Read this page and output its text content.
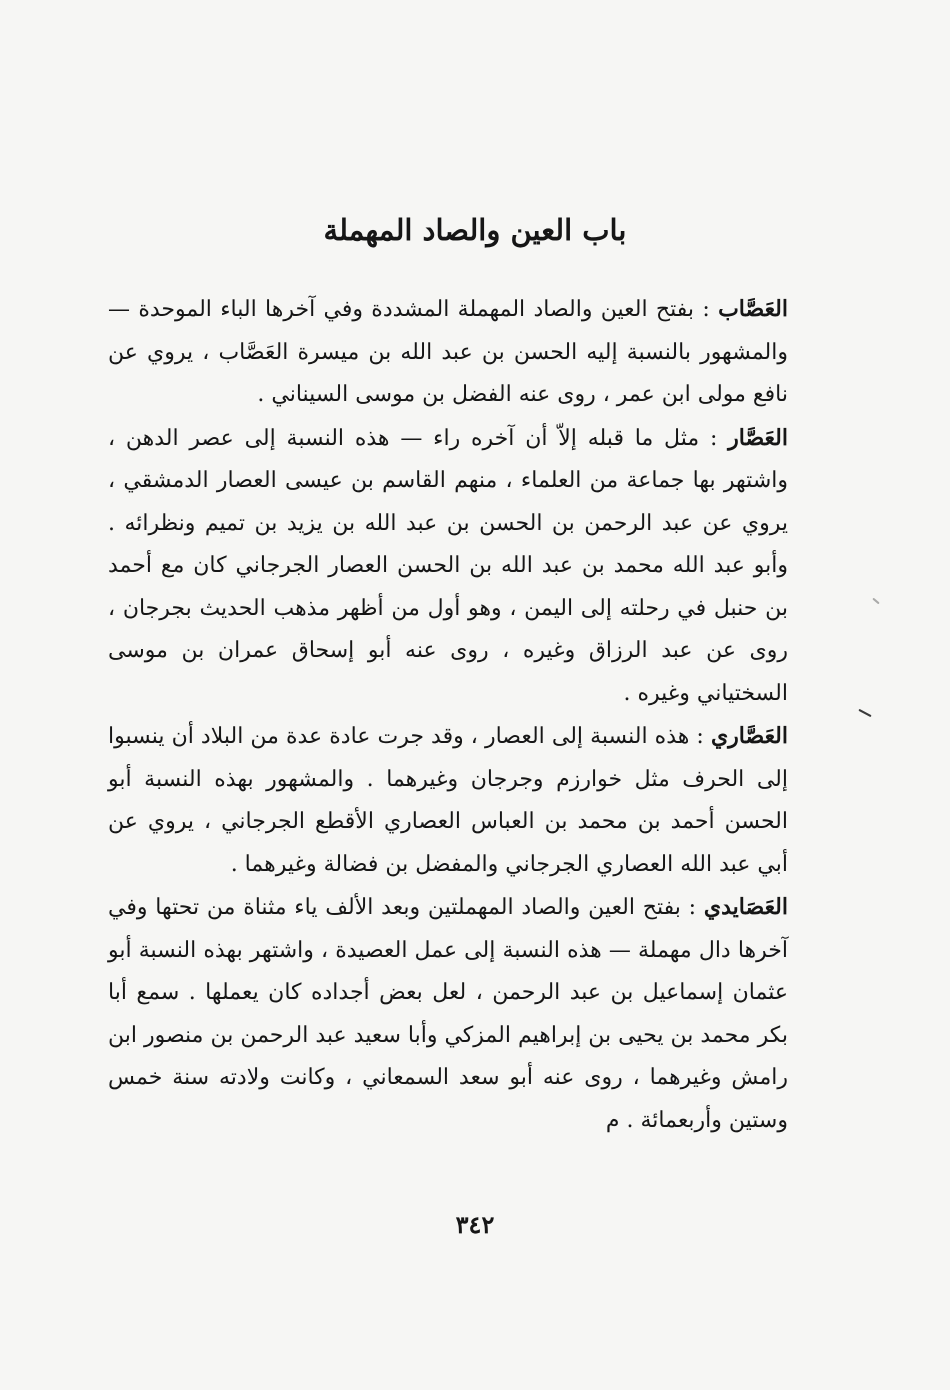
باب العين والصاد المهملة

العَصَّاب : بفتح العين والصاد المهملة المشددة وفي آخرها الباء الموحدة — والمشهور بالنسبة إليه الحسن بن عبد الله بن ميسرة العَصَّاب ، يروي عن نافع مولى ابن عمر ، روى عنه الفضل بن موسى السيناني .

العَصَّار : مثل ما قبله إلاّ أن آخره راء — هذه النسبة إلى عصر الدهن ، واشتهر بها جماعة من العلماء ، منهم القاسم بن عيسى العصار الدمشقي ، يروي عن عبد الرحمن بن الحسن بن عبد الله بن يزيد بن تميم ونظرائه . وأبو عبد الله محمد بن عبد الله بن الحسن العصار الجرجاني كان مع أحمد بن حنبل في رحلته إلى اليمن ، وهو أول من أظهر مذهب الحديث بجرجان ، روى عن عبد الرزاق وغيره ، روى عنه أبو إسحاق عمران بن موسى السختياني وغيره .

العَصَّاري : هذه النسبة إلى العصار ، وقد جرت عادة عدة من البلاد أن ينسبوا إلى الحرف مثل خوارزم وجرجان وغيرهما . والمشهور بهذه النسبة أبو الحسن أحمد بن محمد بن العباس العصاري الأقطع الجرجاني ، يروي عن أبي عبد الله العصاري الجرجاني والمفضل بن فضالة وغيرهما .

العَصَايدي : بفتح العين والصاد المهملتين وبعد الألف ياء مثناة من تحتها وفي آخرها دال مهملة — هذه النسبة إلى عمل العصيدة ، واشتهر بهذه النسبة أبو عثمان إسماعيل بن عبد الرحمن ، لعل بعض أجداده كان يعملها . سمع أبا بكر محمد بن يحيى بن إبراهيم المزكي وأبا سعيد عبد الرحمن بن منصور ابن رامش وغيرهما ، روى عنه أبو سعد السمعاني ، وكانت ولادته سنة خمس وستين وأربعمائة . م

٣٤٢
